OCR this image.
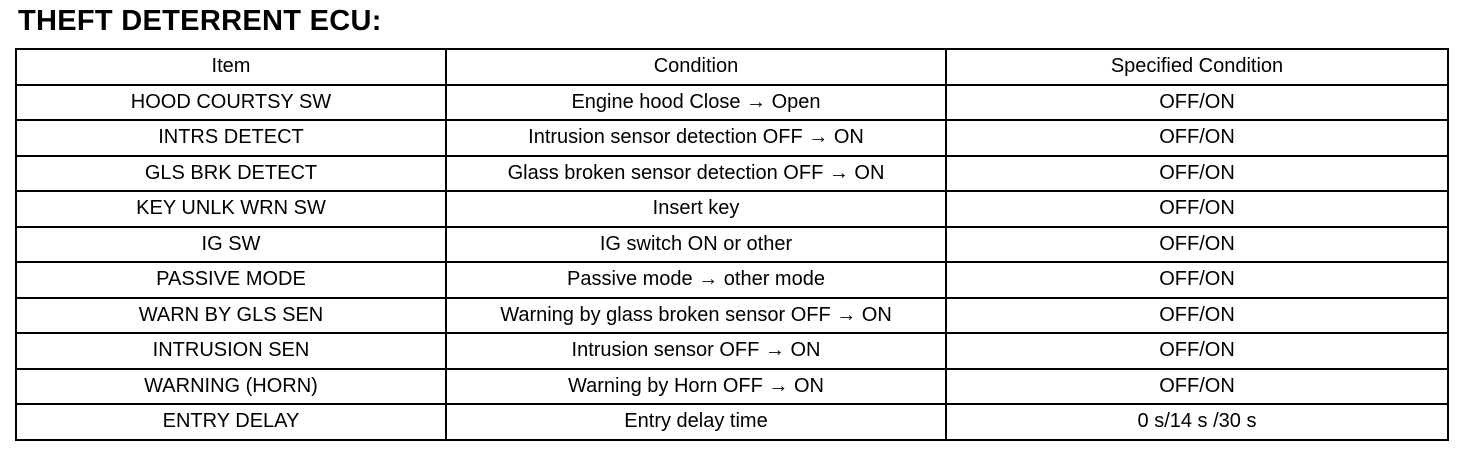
THEFT DETERRENT ECU:
Item	Condition	Specified Condition
HOOD COURTSY SW	Engine hood Close → Open	OFF/ON
INTRS DETECT	Intrusion sensor detection OFF → ON	OFF/ON
GLS BRK DETECT	Glass broken sensor detection OFF → ON	OFF/ON
KEY UNLK WRN SW	Insert key	OFF/ON
IG SW	IG switch ON or other	OFF/ON
PASSIVE MODE	Passive mode → other mode	OFF/ON
WARN BY GLS SEN	Warning by glass broken sensor OFF → ON	OFF/ON
INTRUSION SEN	Intrusion sensor OFF → ON	OFF/ON
WARNING (HORN)	Warning by Horn OFF → ON	OFF/ON
ENTRY DELAY	Entry delay time	0 s/14 s /30 s
